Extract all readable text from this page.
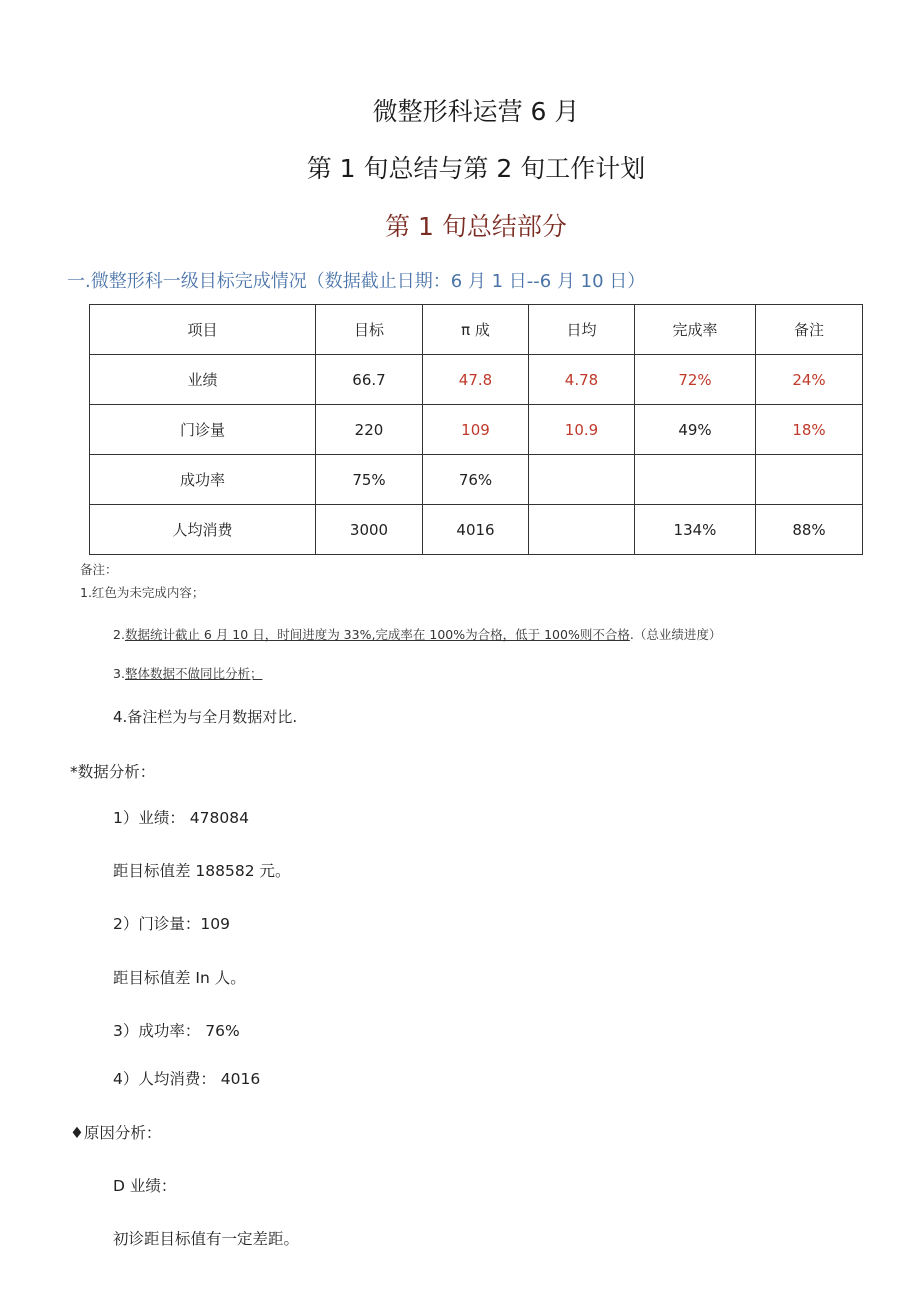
微整形科运营 6 月
第 1 旬总结与第 2 旬工作计划
第 1 旬总结部分
一.微整形科一级目标完成情况（数据截止日期：6 月 1 日--6 月 10 日）
项目	目标	π 成	日均	完成率	备注
业绩	66.7	47.8	4.78	72%	24%
门诊量	220	109	10.9	49%	18%
成功率	75%	76%			
人均消费	3000	4016		134%	88%
备注：
1.红色为未完成内容；
2.数据统计截止 6 月 10 日，时间进度为 33%,完成率在 100%为合格，低于 100%则不合格.（总业绩进度）
3.整体数据不做同比分析；
4.备注栏为与全月数据对比.
*数据分析：
1）业绩： 478084
距目标值差 188582 元。
2）门诊量：109
距目标值差 In 人。
3）成功率： 76%
4）人均消费： 4016
♦原因分析：
D 业绩：
初诊距目标值有一定差距。
